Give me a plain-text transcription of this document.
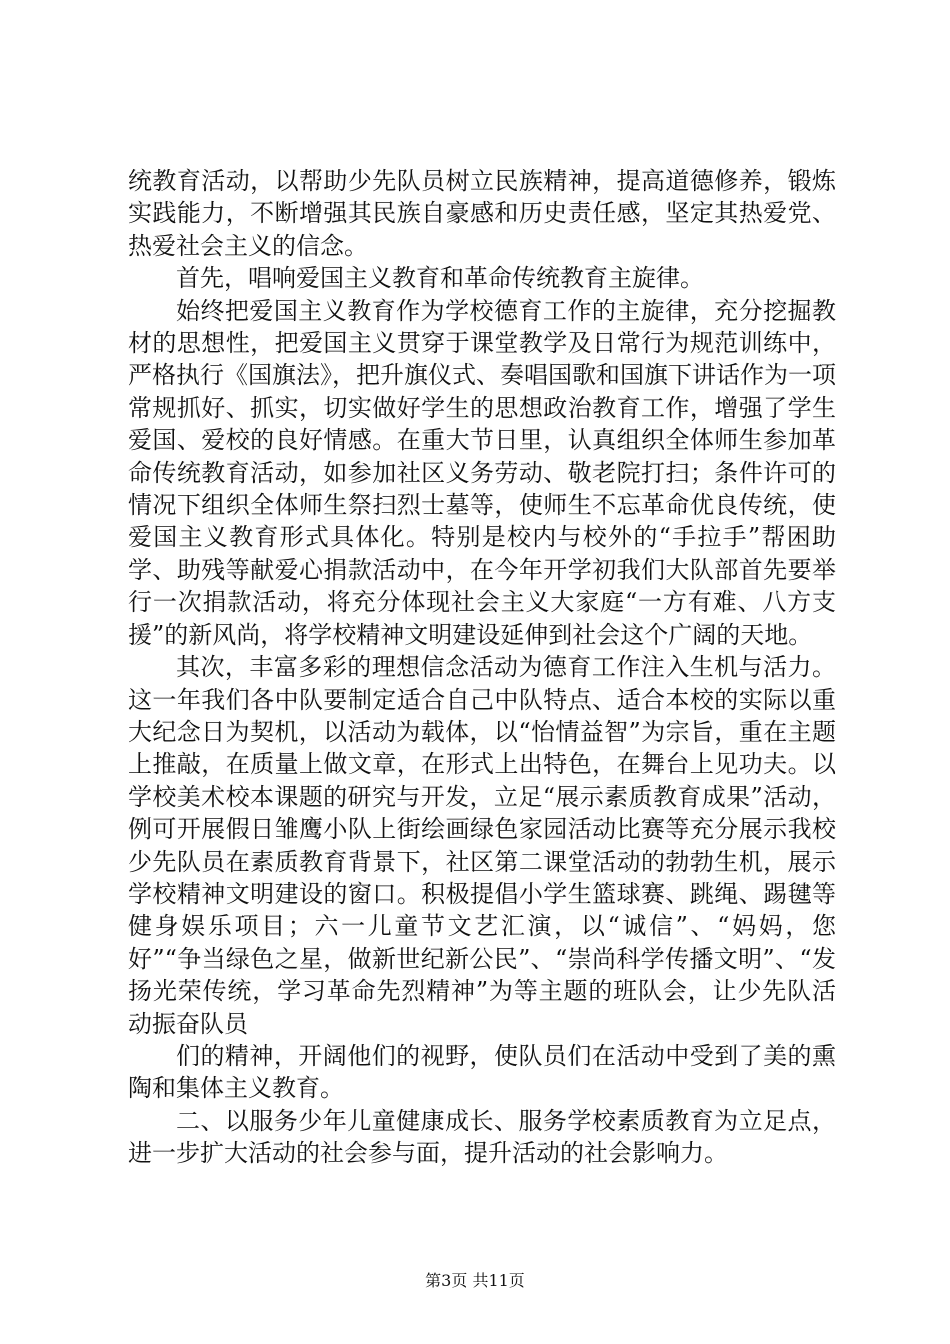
统教育活动，以帮助少先队员树立民族精神，提高道德修养，锻炼实践能力，不断增强其民族自豪感和历史责任感，坚定其热爱党、热爱社会主义的信念。

首先，唱响爱国主义教育和革命传统教育主旋律。

始终把爱国主义教育作为学校德育工作的主旋律，充分挖掘教材的思想性，把爱国主义贯穿于课堂教学及日常行为规范训练中，严格执行《国旗法》，把升旗仪式、奏唱国歌和国旗下讲话作为一项常规抓好、抓实，切实做好学生的思想政治教育工作，增强了学生爱国、爱校的良好情感。在重大节日里，认真组织全体师生参加革命传统教育活动，如参加社区义务劳动、敬老院打扫；条件许可的情况下组织全体师生祭扫烈士墓等，使师生不忘革命优良传统，使爱国主义教育形式具体化。特别是校内与校外的“手拉手”帮困助学、助残等献爱心捐款活动中，在今年开学初我们大队部首先要举行一次捐款活动，将充分体现社会主义大家庭“一方有难、八方支援”的新风尚，将学校精神文明建设延伸到社会这个广阔的天地。

其次，丰富多彩的理想信念活动为德育工作注入生机与活力。这一年我们各中队要制定适合自己中队特点、适合本校的实际以重大纪念日为契机，以活动为载体，以“怡情益智”为宗旨，重在主题上推敲，在质量上做文章，在形式上出特色，在舞台上见功夫。以学校美术校本课题的研究与开发，立足“展示素质教育成果”活动，例可开展假日雏鹰小队上街绘画绿色家园活动比赛等充分展示我校少先队员在素质教育背景下，社区第二课堂活动的勃勃生机，展示学校精神文明建设的窗口。积极提倡小学生篮球赛、跳绳、踢毽等健身娱乐项目；六一儿童节文艺汇演，以“诚信”、“妈妈，您好”“争当绿色之星，做新世纪新公民”、“崇尚科学传播文明”、“发扬光荣传统，学习革命先烈精神”为等主题的班队会，让少先队活动振奋队员

们的精神，开阔他们的视野，使队员们在活动中受到了美的熏陶和集体主义教育。

二、以服务少年儿童健康成长、服务学校素质教育为立足点，进一步扩大活动的社会参与面，提升活动的社会影响力。

第3页 共11页
